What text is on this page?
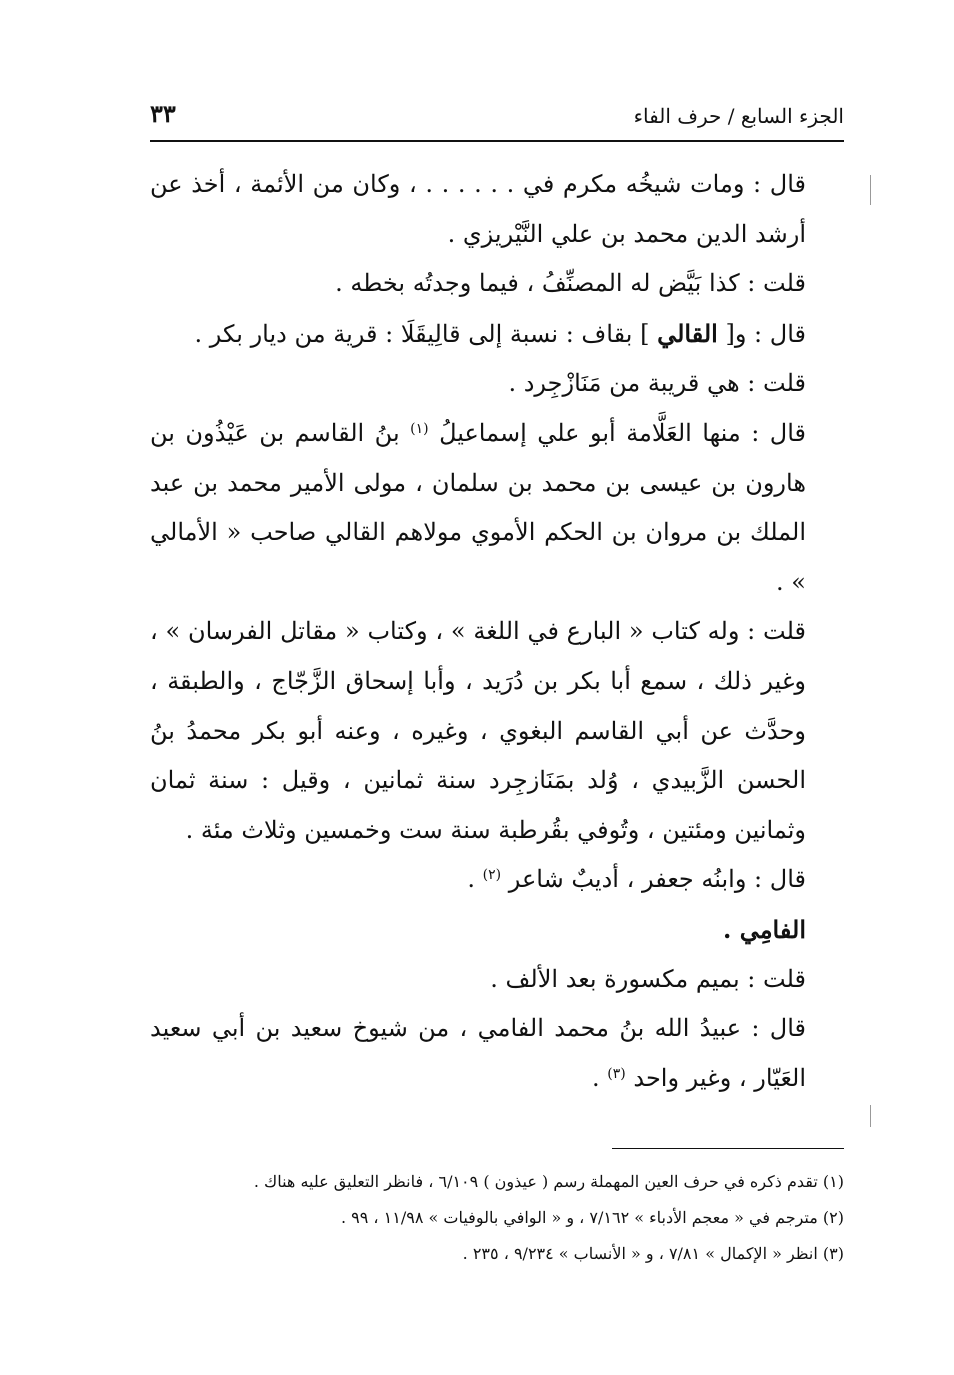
الجزء السابع / حرف الفاء
٣٣

قال : ومات شيخُه مكرم في . . . . . . ، وكان من الأئمة ، أخذ عن أرشد الدين محمد بن علي النَّيْريزي .

قلت : كذا بَيَّض له المصنِّفُ ، فيما وجدتُه بخطه .

قال : و[ القالي ] بقاف : نسبة إلى قالِيقَلَا : قرية من ديار بكر .

قلت : هي قريبة من مَنَازْجِرد .

قال : منها العَلَّامة أبو علي إسماعيلُ $^{(١)}$ بنُ القاسم بن عَيْذُون بن هارون بن عيسى بن محمد بن سلمان ، مولى الأمير محمد بن عبد الملك بن مروان بن الحكم الأموي مولاهم القالي صاحب « الأمالي » .

قلت : وله كتاب « البارع في اللغة » ، وكتاب « مقاتل الفرسان » ، وغير ذلك ، سمع أبا بكر بن دُرَيد ، وأبا إسحاق الزَّجّاج ، والطبقة ، وحدَّث عن أبي القاسم البغوي ، وغيره ، وعنه أبو بكر محمدُ بنُ الحسن الزَّبيدي ، وُلد بمَنَازجِرد سنة ثمانين ، وقيل : سنة ثمان وثمانين ومئتين ، وتُوفي بقُرطبة سنة ست وخمسين وثلاث مئة .

قال : وابنُه جعفر ، أديبٌ شاعر $^{(٢)}$ .

الفامِي .

قلت : بميم مكسورة بعد الألف .

قال : عبيدُ الله بنُ محمد الفامي ، من شيوخ سعيد بن أبي سعيد العَيّار ، وغير واحد $^{(٣)}$ .

(١) تقدم ذكره في حرف العين المهملة رسم ( عيذون ) ٦/١٠٩ ، فانظر التعليق عليه هناك .

(٢) مترجم في « معجم الأدباء » ٧/١٦٢ ، و « الوافي بالوفيات » ١١/٩٨ ، ٩٩ .

(٣) انظر « الإكمال » ٧/٨١ ، و « الأنساب » ٩/٢٣٤ ، ٢٣٥ .
